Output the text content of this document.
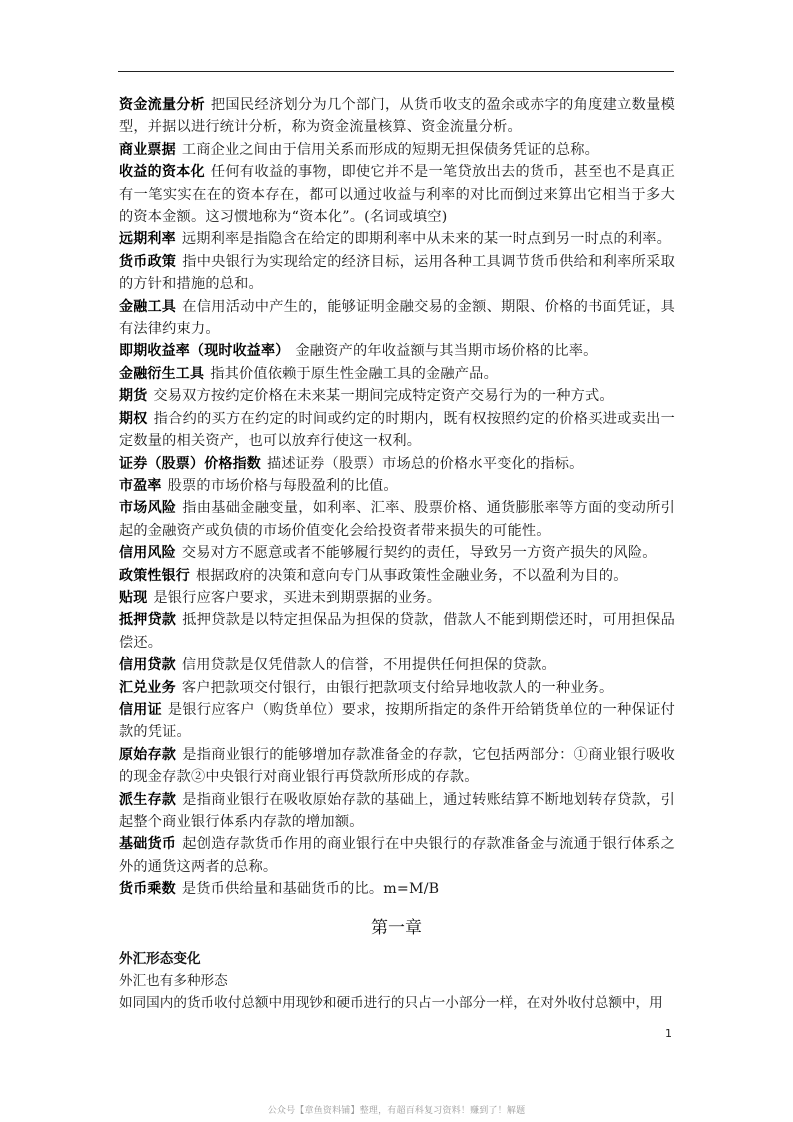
资金流量分析 把国民经济划分为几个部门，从货币收支的盈余或赤字的角度建立数量模型，并据以进行统计分析，称为资金流量核算、资金流量分析。

商业票据 工商企业之间由于信用关系而形成的短期无担保债务凭证的总称。

收益的资本化 任何有收益的事物，即使它并不是一笔贷放出去的货币，甚至也不是真正有一笔实实在在的资本存在，都可以通过收益与利率的对比而倒过来算出它相当于多大的资本金额。这习惯地称为“资本化”。(名词或填空)

远期利率 远期利率是指隐含在给定的即期利率中从未来的某一时点到另一时点的利率。

货币政策 指中央银行为实现给定的经济目标，运用各种工具调节货币供给和利率所采取的方针和措施的总和。

金融工具 在信用活动中产生的，能够证明金融交易的金额、期限、价格的书面凭证，具有法律约束力。

即期收益率（现时收益率） 金融资产的年收益额与其当期市场价格的比率。

金融衍生工具 指其价值依赖于原生性金融工具的金融产品。

期货 交易双方按约定价格在未来某一期间完成特定资产交易行为的一种方式。

期权 指合约的买方在约定的时间或约定的时期内，既有权按照约定的价格买进或卖出一定数量的相关资产，也可以放弃行使这一权利。

证券（股票）价格指数 描述证券（股票）市场总的价格水平变化的指标。

市盈率 股票的市场价格与每股盈利的比值。

市场风险 指由基础金融变量，如利率、汇率、股票价格、通货膨胀率等方面的变动所引起的金融资产或负债的市场价值变化会给投资者带来损失的可能性。

信用风险 交易对方不愿意或者不能够履行契约的责任，导致另一方资产损失的风险。

政策性银行 根据政府的决策和意向专门从事政策性金融业务，不以盈利为目的。

贴现 是银行应客户要求，买进未到期票据的业务。

抵押贷款 抵押贷款是以特定担保品为担保的贷款，借款人不能到期偿还时，可用担保品偿还。

信用贷款 信用贷款是仅凭借款人的信誉，不用提供任何担保的贷款。

汇兑业务 客户把款项交付银行，由银行把款项支付给异地收款人的一种业务。

信用证 是银行应客户（购货单位）要求，按期所指定的条件开给销货单位的一种保证付款的凭证。

原始存款 是指商业银行的能够增加存款准备金的存款，它包括两部分：①商业银行吸收的现金存款②中央银行对商业银行再贷款所形成的存款。

派生存款 是指商业银行在吸收原始存款的基础上，通过转账结算不断地划转存贷款，引起整个商业银行体系内存款的增加额。

基础货币 起创造存款货币作用的商业银行在中央银行的存款准备金与流通于银行体系之外的通货这两者的总称。

货币乘数 是货币供给量和基础货币的比。m=M/B

第一章

外汇形态变化

外汇也有多种形态

如同国内的货币收付总额中用现钞和硬币进行的只占一小部分一样，在对外收付总额中，用

1
公众号【章鱼资料铺】整理，有超百科复习资料！赚到了！解题
